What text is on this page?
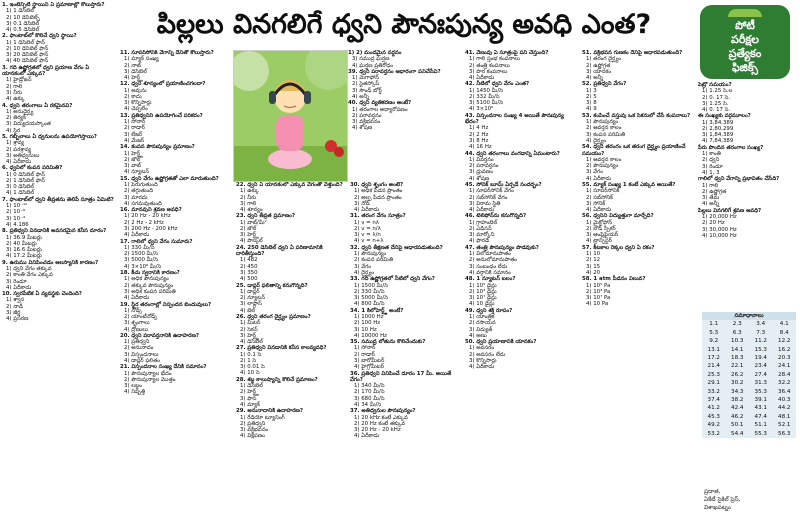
పిల్లలు వినగలిగే ధ్వని పౌనఃపున్య అవధి ఎంత?	పోటీ
పరీక్షల
ప్రత్యేకం
ఫిజిక్స్
1. ఇంటెన్సిటీ స్థాయిని ఏ ప్రమాణాల్లో కొలుస్తారు?
1) 1 డెసిబెల్
2) 10 డెసిబెల్స్
3) 0.1 డెసిబెల్
4) 0.5 డెసిబెల్
2. ఫాంటాబ్‌లో కొలిచే ధ్వని స్థాయి?
1) 1 డెసిబెల్ ఫాన్
2) 10 డెసిబెల్ ఫాన్
3) 20 డెసిబెల్ ఫాన్
4) 40 డెసిబెల్ ఫాన్
3. గది ఉష్ణోగ్రతలో ధ్వని ప్రయాణ వేగం ఏ యానకంలో ఎక్కువ?
1) హైడ్రోజన్
2) గాలి
3) నీరు
4) ఉక్కు
4. ధ్వని తరంగాలు ఏ రకమైనవి?
1) అనుదైర్ఘ్య
2) తిర్యక్
3) విద్యుదయస్కాంత
4) స్థిర
5. గబ్బిలాలు ఏ ధ్వనులను ఉపయోగిస్తాయి?
1) శ్రావ్య
2) పరశ్రావ్య
3) అతిధ్వనులు
4) ఏదీకాదు
6. ధ్వనిలో కంపన పరిమితి?
1) 0 డెసిబెల్ ఫాన్
2) 1 డెసిబెల్ ఫాన్
3) 0 డెసిబెల్
4) 1 డెసిబెల్
7. ఫాంటాబ్‌లో ధ్వని తీవ్రతను తెలిపే సూత్రం ఏమిటి?
1) 10⁻¹²
2) 10⁻⁶
3) 10⁻³
4) 4.186
8. ప్రతిధ్వని వినడానికి అవసరమైన కనీస దూరం?
1) 36.9 మీటర్లు
2) 40 మీటర్లు
3) 16.6 మీటర్లు
4) 17.2 మీటర్లు
9. ఉరుము వినిపించడం ఆలస్యానికి కారణం?
1) ధ్వని వేగం తక్కువ
2) కాంతి వేగం ఎక్కువ
3) రెండూ
4) ఏదీకాదు
10. స్వరపేటిక ఏ వ్యవస్థకు చెందింది?
1) శ్వాస
2) నాడీ
3) జీర్ణ
4) ప్రసరణ
11. సూపర్‌సోనిక్ వేగాన్ని దేనితో కొలుస్తారు?
1) మ్యాక్ సంఖ్య
2) నాట్
3) డెసిబెల్
4) హెర్ట్జ్
12. ధ్వని శూన్యంలో ప్రయాణించగలదా?
1) అవును
2) కాదు
3) కొన్నిసార్లు
4) చెప్పలేం
13. ప్రతిధ్వనిని ఉపయోగించే పరికరం?
1) సోనార్
2) రాడార్
3) లేజర్
4) మేజర్
14. కంపన పౌనఃపున్యం ప్రమాణం?
1) హెర్ట్జ్
2) జౌల్
3) వాట్
4) న్యూటన్
15. ధ్వని వేగం ఉష్ణోగ్రతతో ఎలా మారుతుంది?
1) పెరుగుతుంది
2) తగ్గుతుంది
3) మారదు
4) సగమవుతుంది
16. మానవుని శ్రవణ అవధి?
1) 20 Hz - 20 kHz
2) 2 Hz - 2 kHz
3) 200 Hz - 200 kHz
4) ఏదీకాదు
17. గాలిలో ధ్వని వేగం సుమారు?
1) 330 మీ/సె
2) 1500 మీ/సె
3) 5000 మీ/సె
4) 3×10⁸ మీ/సె
18. కీచు స్వరానికి కారణం?
1) అధిక పౌనఃపున్యం
2) తక్కువ పౌనఃపున్యం
3) అధిక కంపన పరిమితి
4) ఏదీకాదు
19. స్థిర తరంగాల్లో నిస్పందన బిందువులు?
1) నోడ్స్
2) యాంటీనోడ్స్
3) శృంగాలు
4) ద్రోణులు
20. ధ్వని పరావర్తనానికి ఉదాహరణ?
1) ప్రతిధ్వని
2) అనునాదం
3) విస్పందనాలు
4) డాప్లర్ ఫలితం
21. విస్పందనాల సంఖ్య దేనికి సమానం?
1) పౌనఃపున్యాల భేదం
2) పౌనఃపున్యాల మొత్తం
3) లబ్ధం
4) నిష్పత్తి
1) 2) మందమైన వర్ధనం
3) సముద్ర ఘర్షణ
4) ఘర్షణ ప్రతిరోధం
39. ధ్వని పరావర్తనం ఆధారంగా పనిచేసేవి?
1) మెగాఫోన్
2) స్టెతస్కోప్
3) సౌండ్ బోర్డ్
4) అన్నీ
40. ధ్వని వ్యతికరణం అంటే?
1) తరంగాల అధ్యారోపణం
2) పరావర్తనం
3) వక్రీభవనం
4) శోషణ
22. ధ్వని ఏ యానకంలో ఎక్కువ వేగంతో వెళ్తుంది?
1) ఉక్కు
2) నీరు
3) గాలి
4) శూన్యం
23. ధ్వని తీవ్రత ప్రమాణం?
1) వాట్/మీ²
2) జౌల్
3) హెర్ట్జ్
4) పాస్కల్
24. 250 డెసిబెల్ ధ్వని ఏ పరిణామానికి దారితీస్తుంది?
1) 482
2) 450
3) 350
4) 500
25. డాప్లర్ ఫలితాన్ని కనుగొన్నది?
1) డాప్లర్
2) న్యూటన్
3) లాప్లాస్
4) బెల్
26. ధ్వని తరంగ దైర్ఘ్యం ప్రమాణం?
1) మీటర్
2) సెకన్
3) హెర్ట్జ్
4) డెసిబెల్
27. ప్రతిధ్వని వినడానికి కనీస కాలవ్యవధి?
1) 0.1 సె
2) 1 సె
3) 0.01 సె
4) 10 సె
28. శబ్ద కాలుష్యాన్ని కొలిచే ప్రమాణం?
1) డెసిబెల్
2) హెర్ట్జ్
3) ఫాన్
4) మ్యాక్
29. అనునాదానికి ఉదాహరణ?
1) రేడియో ట్యూనింగ్
2) ప్రతిధ్వని
3) వక్రీభవనం
4) విక్షేపణం
30. ధ్వని శృంగం అంటే?
1) అధిక పీడన ప్రాంతం
2) అల్ప పీడన ప్రాంతం
3) నోడ్
4) ఏదీకాదు
31. తరంగ వేగం సూత్రం?
1) v = nλ
2) v = n/λ
3) v = λ/n
4) v = n+λ
32. ధ్వని తీక్షణత దేనిపై ఆధారపడుతుంది?
1) పౌనఃపున్యం
2) కంపన పరిమితి
3) వేగం
4) దైర్ఘ్యం
33. గది ఉష్ణోగ్రతలో నీటిలో ధ్వని వేగం?
1) 1500 మీ/సె
2) 330 మీ/సె
3) 5000 మీ/సె
4) 800 మీ/సె
34. 1 కిలోహెర్ట్జ్ అంటే?
1) 1000 Hz
2) 100 Hz
3) 10 Hz
4) 10000 Hz
35. సముద్ర లోతును కొలిచేందుకు?
1) సోనార్
2) రాడార్
3) బారోమీటర్
4) హైగ్రోమీటర్
36. ప్రతిధ్వని వినిపించే దూరం 17 మీ. అయితే వేగం?
1) 340 మీ/సె
2) 170 మీ/సె
3) 680 మీ/సె
4) 34 మీ/సె
37. అతిధ్వనుల పౌనఃపున్యం?
1) 20 kHz కంటే ఎక్కువ
2) 20 Hz కంటే తక్కువ
3) 20 Hz - 20 kHz
4) ఏదీకాదు
41. వేణువు ఏ సూత్రంపై పని చేస్తుంది?
1) గాలి స్తంభ కంపనాలు
2) తంత్రి కంపనాలు
3) పొర కంపనాలు
4) ఏదీకాదు
42. నీటిలో ధ్వని వేగం ఎంత?
1) 1450 మీ/సె
2) 332 మీ/సె
3) 5100 మీ/సె
4) 3×10⁸
43. విస్పందనాల సంఖ్య 4 అయితే పౌనఃపున్య భేదం?
1) 4 Hz
2) 2 Hz
3) 8 Hz
4) 16 Hz
44. ధ్వని తరంగాలు వంగడాన్ని ఏమంటారు?
1) వివర్తనం
2) పరావర్తనం
3) ధ్రువణం
4) శోషణ
45. సోనిక్ బూమ్ ఏర్పడే సందర్భం?
1) సూపర్‌సోనిక్ వేగం
2) సబ్‌సోనిక్ వేగం
3) విరామ స్థితి
4) ఏదీకాదు
46. టెలిఫోన్‌ను కనుగొన్నది?
1) గ్రాహంబెల్
2) ఎడిసన్
3) మార్కోని
4) ఫారడే
47. తంత్రి పౌనఃపున్యం పొడవుకు?
1) విలోమానుపాతం
2) అనులోమానుపాతం
3) సంబంధం లేదు
4) వర్గానికి సమానం
48. 1 న్యూటన్ బలం?
1) 10⁵ డైన్లు
2) 10³ డైన్లు
3) 10⁷ డైన్లు
4) 10 డైన్లు
49. ధ్వని శక్తి రూపం?
1) యాంత్రిక
2) రసాయన
3) విద్యుత్
4) అణు
50. ధ్వని ప్రయాణానికి యానకం?
1) అవసరం
2) అవసరం లేదు
3) కొన్నిసార్లు
4) ఏదీకాదు
51. వక్రీభవన గుణకం దేనిపై ఆధారపడుతుంది?
1) తరంగ దైర్ఘ్యం
2) ఉష్ణోగ్రత
3) యానకం
4) అన్నీ
52. ప్రతిధ్వని వేగం?
1) 3
2) 5
3) 8
4) 9
53. కంపించే వస్తువు ఒక సెకనులో చేసే కంపనాలు?
1) పౌనఃపున్యం
2) ఆవర్తన కాలం
3) కంపన పరిమితి
4) దైర్ఘ్యం
54. ధ్వని తరంగం ఒక తరంగ దైర్ఘ్యం ప్రయాణించే సమయం?
1) ఆవర్తన కాలం
2) పౌనఃపున్యం
3) వేగం
4) ఏదీకాదు
55. మ్యాక్ సంఖ్య 1 కంటే ఎక్కువ అయితే?
1) సూపర్‌సోనిక్
2) సబ్‌సోనిక్
3) సోనిక్
4) ఏదీకాదు
56. ధ్వనిని విద్యుత్తుగా మార్చేది?
1) మైక్రోఫోన్
2) లౌడ్ స్పీకర్
3) ఆంప్లిఫైయర్
4) ట్రాన్సిస్టర్
57. కీటకాల రెక్కల ధ్వని ఏ రకం?
1) 10
2) 12
3) 15
4) 20
58. 1 atm పీడనం విలువ?
1) 10⁵ Pa
2) 10³ Pa
3) 10⁷ Pa
4) 10 Pa
పెట్రో సమయం?
1) 1.25 సె.ల
2) 0. 17 సె.
3) 1.25 సె.
4) 0. 17 సె.
ఈ సంఖ్యకు వర్గమూలం?
1) 3,84,389
2) 2,80,299
3) 1,84,389
4) 7,84,389
పేరు పొందిన తరంగాల సంఖ్య?
1) కాంతి
2) ధ్వని
3) రెండూ
4) 1, 3
గాలిలో ధ్వని వేగాన్ని ప్రభావితం చేసేది?
1) గాలి
2) ఉష్ణోగ్రత
3) తేమ
4) అన్నీ
పిల్లలు వినగలిగే శ్రవణ అవధి?
1) 20,000 Hz
2) 20 Hz
3) 30,000 Hz
4) 10,000 Hz
సమాధానాలు			
1.1	2.3	3.4	4.1
5.3	6.3	7.3	8.4
9.2	10.3	11.2	12.2
13.1	14.1	15.3	16.2
17.2	18.3	19.4	20.3
21.4	22.1	23.4	24.1
25.3	26.2	27.4	28.4
29.1	30.2	31.3	32.2
33.2	34.3	35.3	36.4
37.4	38.2	39.1	40.3
41.2	42.4	43.1	44.2
45.3	46.2	47.4	48.1
49.2	50.1	51.1	52.1
53.2	54.4	55.3	56.3
ప్రదాత,
ఏకేటీ సైకిల్ ప్రెస్,
విశాఖపట్నం
